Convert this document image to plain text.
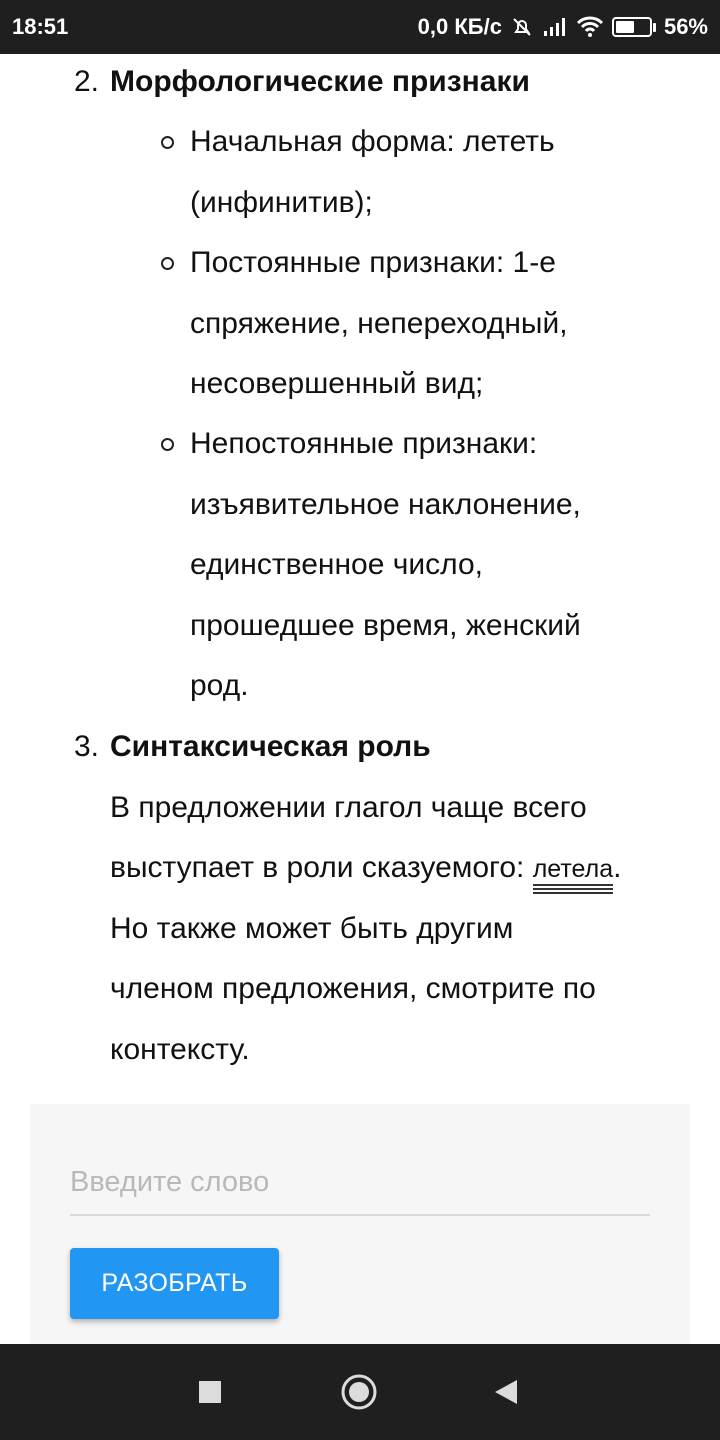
18:51	0,0 КБ/с	56%
2. Морфологические признаки
Начальная форма: лететь
(инфинитив);
Постоянные признаки: 1-е
спряжение, непереходный,
несовершенный вид;
Непостоянные признаки:
изъявительное наклонение,
единственное число,
прошедшее время, женский
род.
3. Синтаксическая роль
В предложении глагол чаще всего
выступает в роли сказуемого: летела.
Но также может быть другим
членом предложения, смотрите по
контексту.
Введите слово
РАЗОБРАТЬ
